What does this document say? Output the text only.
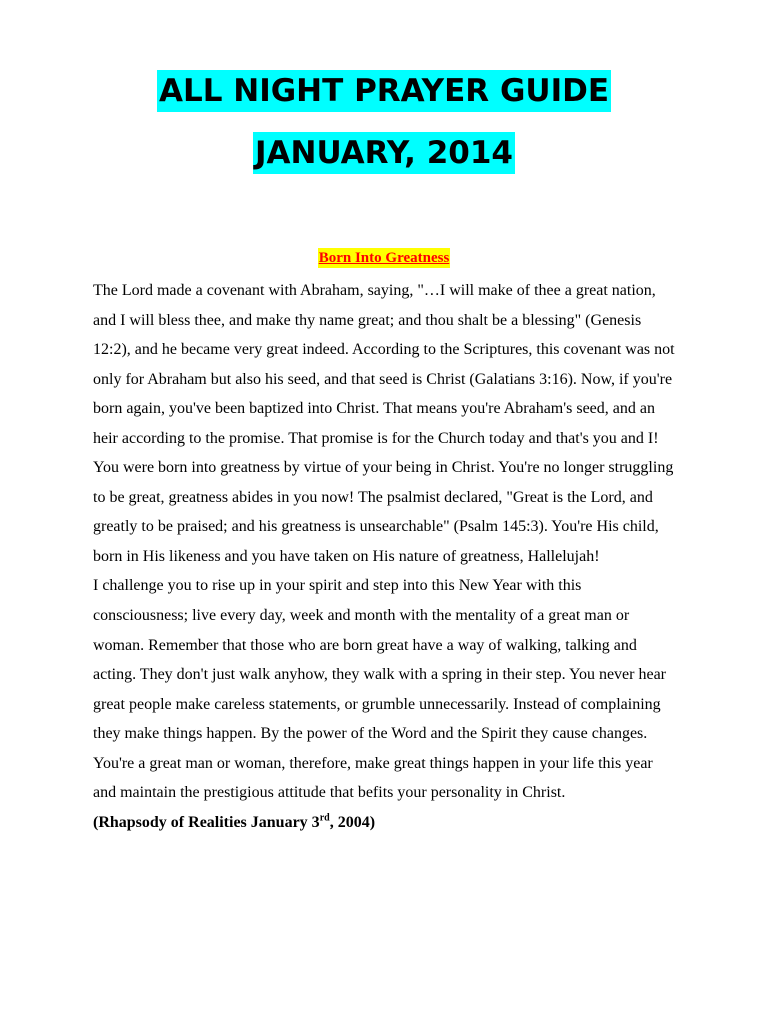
ALL NIGHT PRAYER GUIDE
JANUARY, 2014
Born Into Greatness

The Lord made a covenant with Abraham, saying, "…I will make of thee a great nation, and I will bless thee, and make thy name great; and thou shalt be a blessing" (Genesis 12:2), and he became very great indeed. According to the Scriptures, this covenant was not only for Abraham but also his seed, and that seed is Christ (Galatians 3:16). Now, if you're born again, you've been baptized into Christ. That means you're Abraham's seed, and an heir according to the promise. That promise is for the Church today and that's you and I!

You were born into greatness by virtue of your being in Christ. You're no longer struggling to be great, greatness abides in you now! The psalmist declared, "Great is the Lord, and greatly to be praised; and his greatness is unsearchable" (Psalm 145:3). You're His child, born in His likeness and you have taken on His nature of greatness, Hallelujah!

I challenge you to rise up in your spirit and step into this New Year with this consciousness; live every day, week and month with the mentality of a great man or woman. Remember that those who are born great have a way of walking, talking and acting. They don't just walk anyhow, they walk with a spring in their step. You never hear great people make careless statements, or grumble unnecessarily. Instead of complaining they make things happen. By the power of the Word and the Spirit they cause changes. You're a great man or woman, therefore, make great things happen in your life this year and maintain the prestigious attitude that befits your personality in Christ.

(Rhapsody of Realities January 3rd, 2004)
